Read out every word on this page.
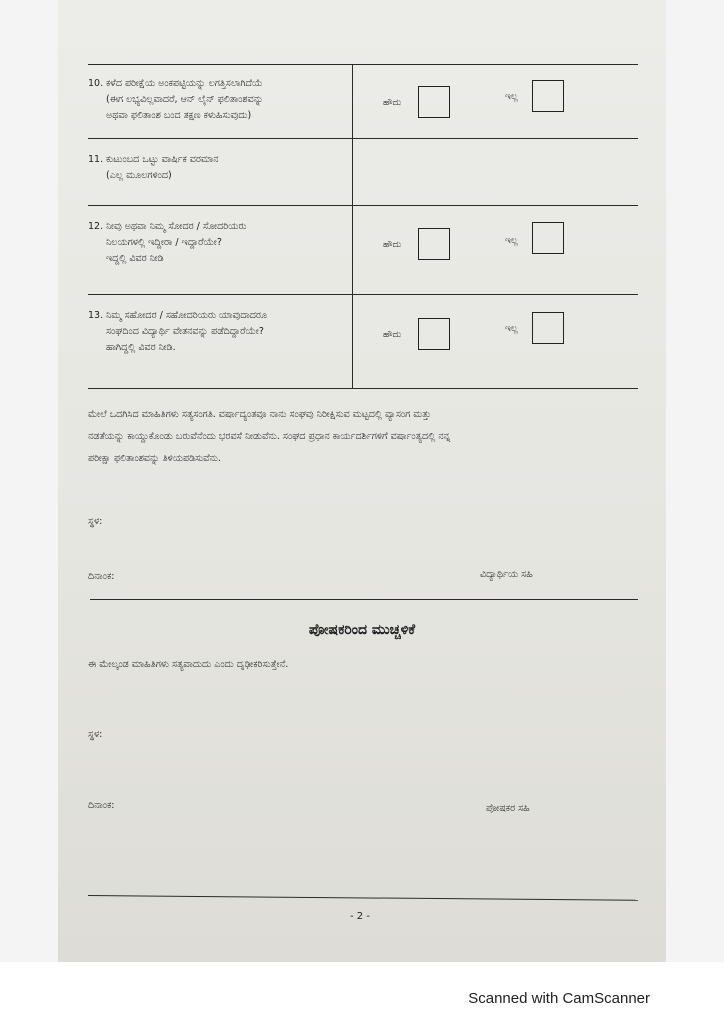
10. ಕಳೆದ ಪರೀಕ್ಷೆಯ ಅಂಕಪಟ್ಟಿಯನ್ನು ಲಗತ್ತಿಸಲಾಗಿದೆಯೆ
(ಈಗ ಲಭ್ಯವಿಲ್ಲವಾದರೆ, ಆನ್ ಲೈನ್ ಫಲಿತಾಂಶವನ್ನು
ಅಥವಾ ಫಲಿತಾಂಶ ಬಂದ ತಕ್ಷಣ ಕಳುಹಿಸುವುದು)
ಹೌದು
ಇಲ್ಲ
11. ಕುಟುಂಬದ ಒಟ್ಟು ವಾರ್ಷಿಕ ವರಮಾನ
(ಎಲ್ಲ ಮೂಲಗಳಿಂದ)
12. ನೀವು ಅಥವಾ ನಿಮ್ಮ ಸೋದರ / ಸೋದರಿಯರು
ನಿಲಯಗಳಲ್ಲಿ ಇದ್ದೀರಾ / ಇದ್ದಾರೆಯೇ?
ಇದ್ದಲ್ಲಿ ವಿವರ ನೀಡಿ
ಹೌದು	ಇಲ್ಲ
13. ನಿಮ್ಮ ಸಹೋದರ / ಸಹೋದರಿಯರು ಯಾವುದಾದರೂ
ಸಂಘದಿಂದ ವಿದ್ಯಾರ್ಥಿ ವೇತನವನ್ನು ಪಡೆದಿದ್ದಾರೆಯೇ?
ಹಾಗಿದ್ದಲ್ಲಿ ವಿವರ ನೀಡಿ.
ಹೌದು
ಇಲ್ಲ
ಮೇಲೆ ಒದಗಿಸಿದ ಮಾಹಿತಿಗಳು ಸತ್ಯಸಂಗತಿ. ವರ್ಷಾದ್ಯಂತವೂ ನಾನು ಸಂಘವು ನಿರೀಕ್ಷಿಸುವ ಮಟ್ಟದಲ್ಲಿ ವ್ಯಾಸಂಗ ಮತ್ತು
ನಡತೆಯನ್ನು ಕಾಯ್ದುಕೊಂಡು ಬರುವೆನೆಂದು ಭರವಸೆ ನೀಡುವೆನು. ಸಂಘದ ಪ್ರಧಾನ ಕಾರ್ಯದರ್ಶಿಗಳಿಗೆ ವರ್ಷಾಂತ್ಯದಲ್ಲಿ ನನ್ನ
ಪರೀಕ್ಷಾ ಫಲಿತಾಂಶವನ್ನು ತಿಳಿಯಪಡಿಸುವೆನು.
ಸ್ಥಳ:
ದಿನಾಂಕ:	ವಿದ್ಯಾರ್ಥಿಯ ಸಹಿ
ಪೋಷಕರಿಂದ ಮುಚ್ಚಳಿಕೆ
ಈ ಮೇಲ್ಕಂಡ ಮಾಹಿತಿಗಳು ಸತ್ಯವಾದುದು ಎಂದು ದೃಢೀಕರಿಸುತ್ತೇನೆ.
ಸ್ಥಳ:
ದಿನಾಂಕ:	ಪೋಷಕರ ಸಹಿ
- 2 -
Scanned with CamScanner
